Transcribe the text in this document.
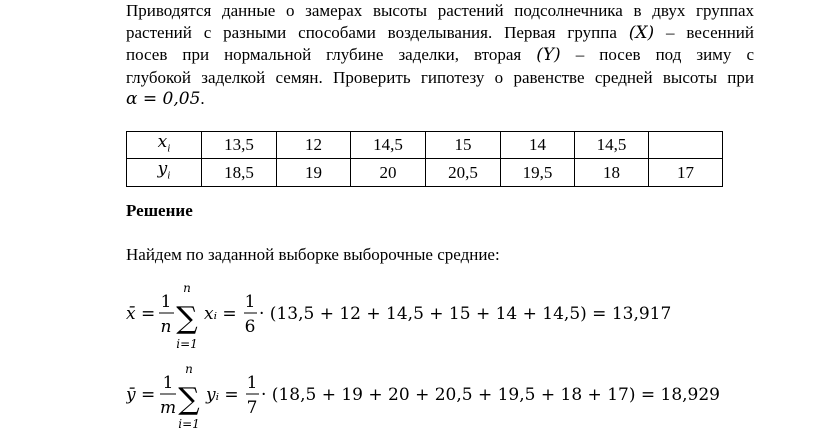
Приводятся данные о замерах высоты растений подсолнечника в двух группах
растений с разными способами возделывания. Первая группа (X) – весенний
посев при нормальной глубине заделки, вторая (Y) – посев под зиму с
глубокой заделкой семян. Проверить гипотезу о равенстве средней высоты при
α = 0,05.
$x_i$	13,5	12	14,5	15	14	14,5	
$y_i$	18,5	19	20	20,5	19,5	18	17
Решение
Найдем по заданной выборке выборочные средние:
x̄ =
1
n
n
∑
i=1
xᵢ =
1
6
· (13,5 + 12 + 14,5 + 15 + 14 + 14,5) = 13,917
ȳ =
1
m
n
∑
i=1
yᵢ =
1
7
· (18,5 + 19 + 20 + 20,5 + 19,5 + 18 + 17) = 18,929
